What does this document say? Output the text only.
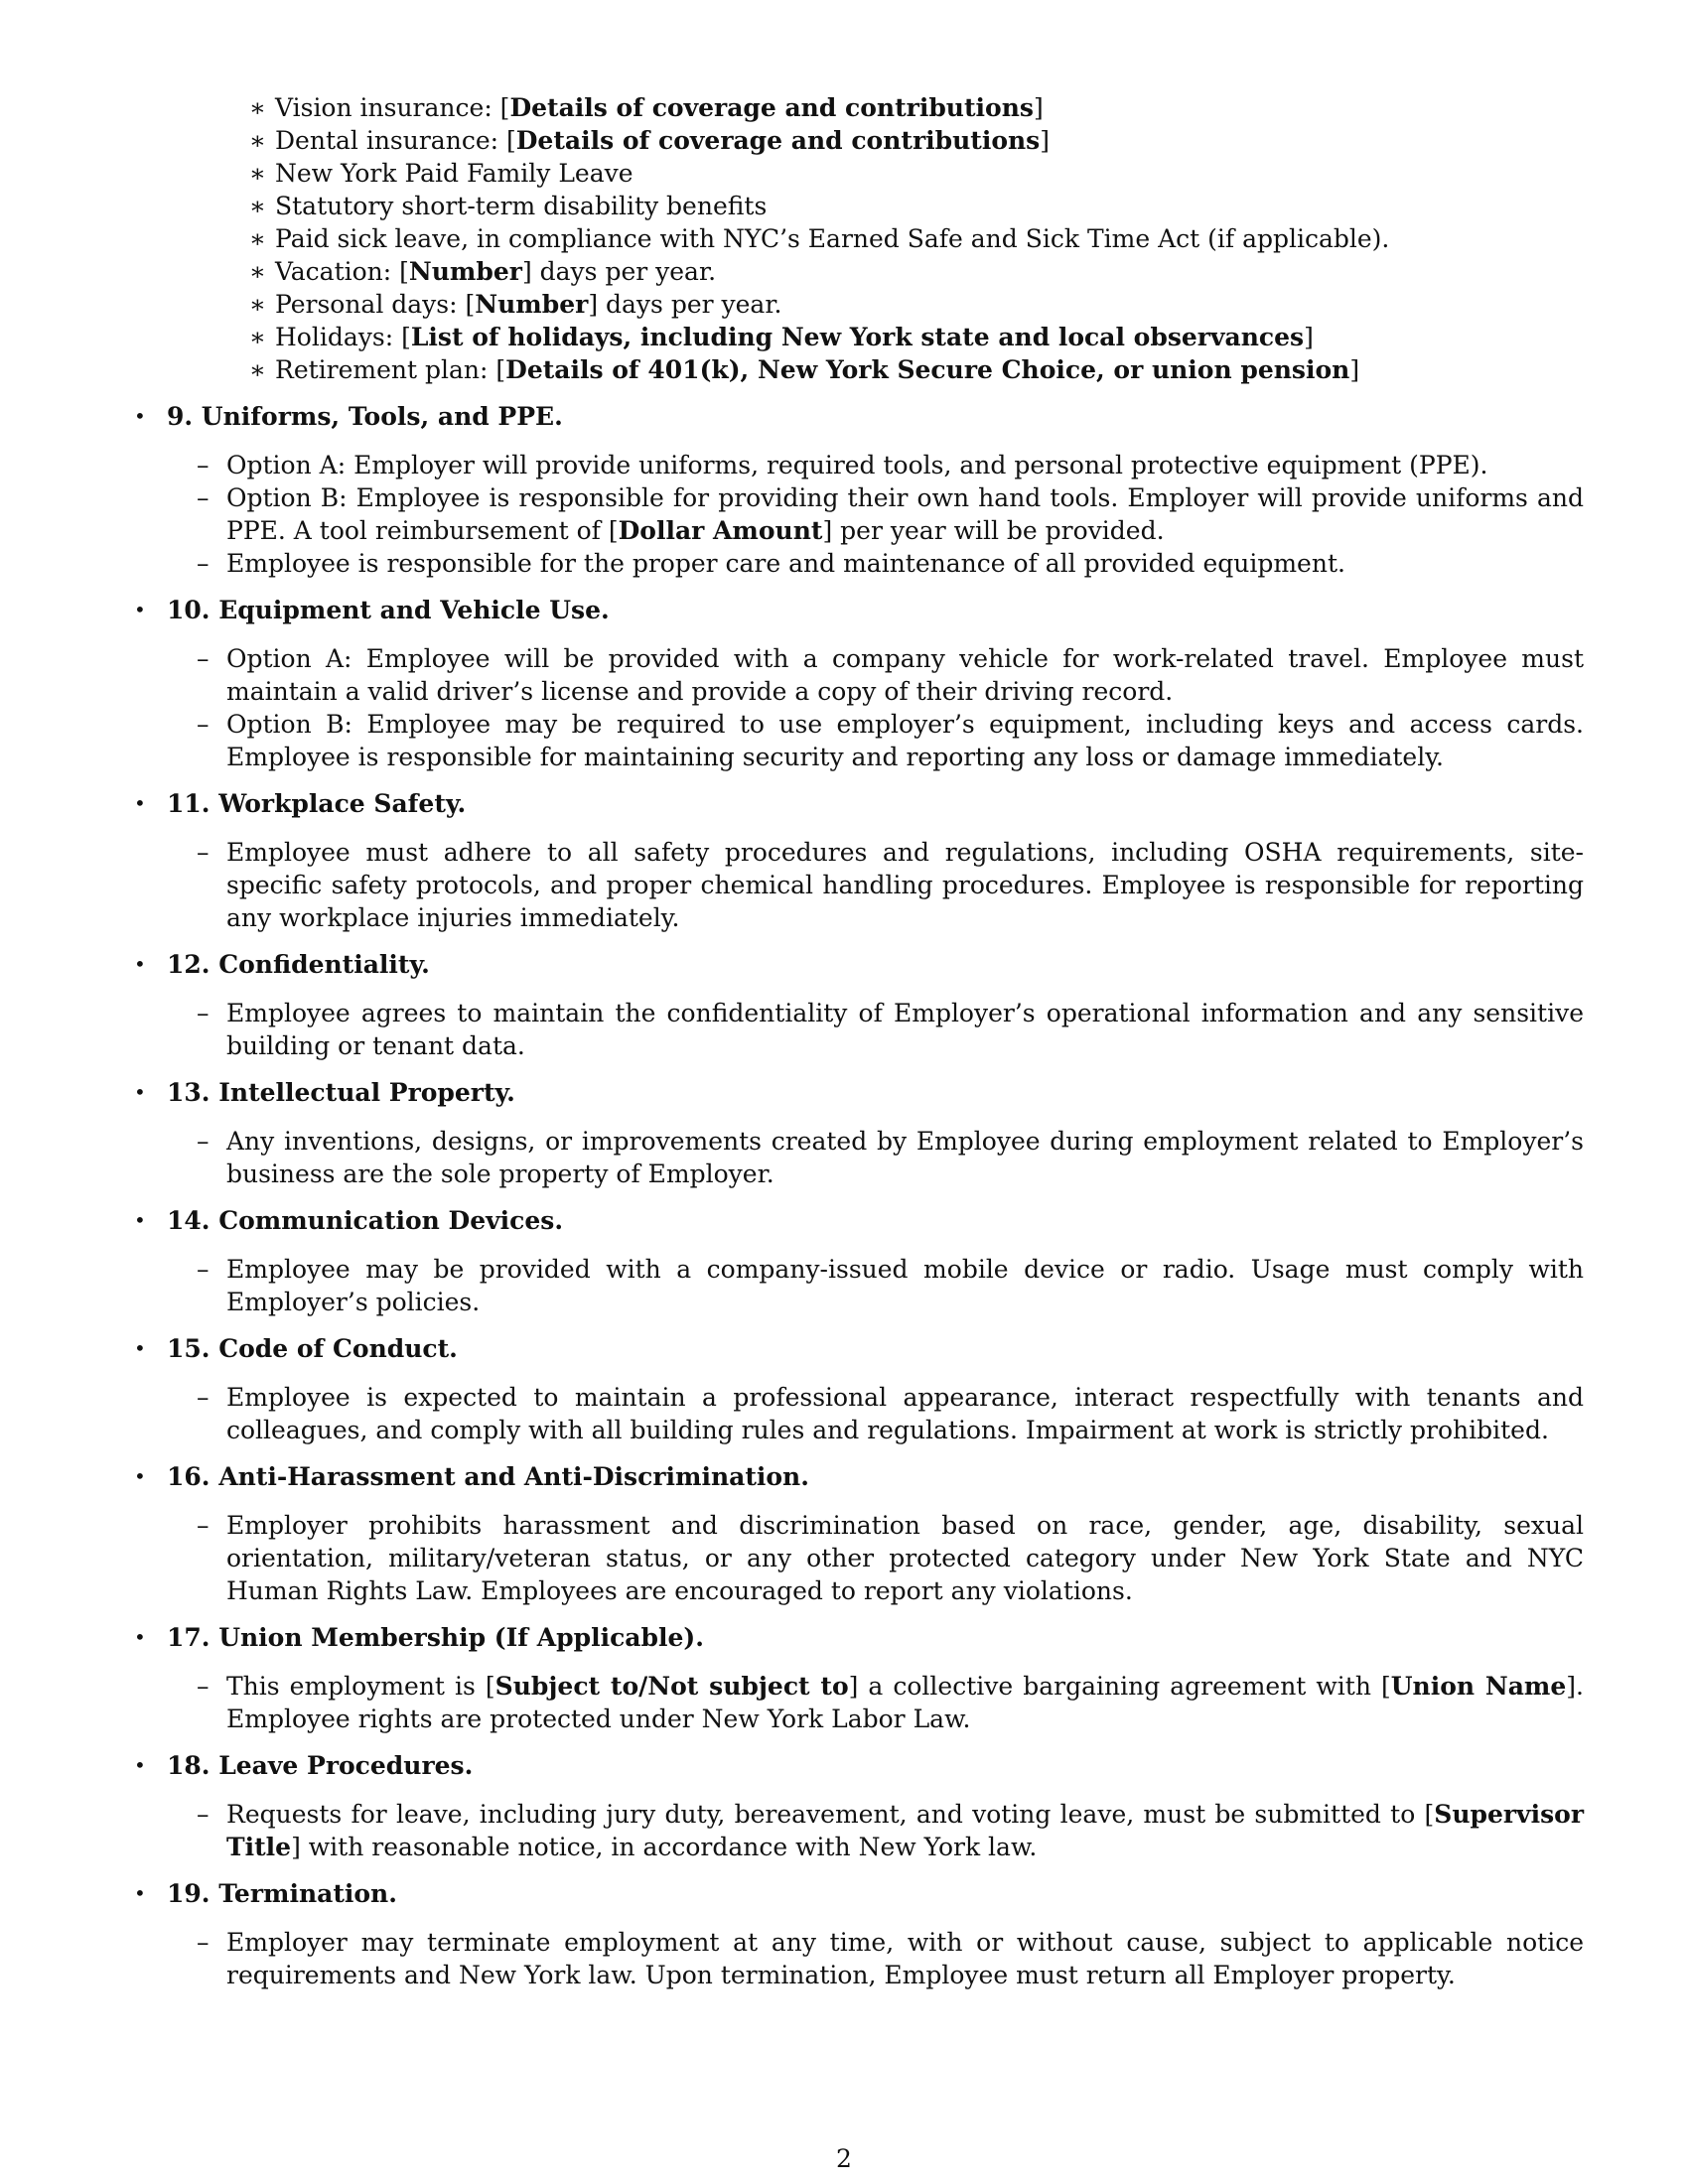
∗ Vision insurance: [Details of coverage and contributions]
∗ Dental insurance: [Details of coverage and contributions]
∗ New York Paid Family Leave
∗ Statutory short-term disability benefits
∗ Paid sick leave, in compliance with NYC’s Earned Safe and Sick Time Act (if applicable).
∗ Vacation: [Number] days per year.
∗ Personal days: [Number] days per year.
∗ Holidays: [List of holidays, including New York state and local observances]
∗ Retirement plan: [Details of 401(k), New York Secure Choice, or union pension]
• 9. Uniforms, Tools, and PPE.
– Option A: Employer will provide uniforms, required tools, and personal protective equipment (PPE).
– Option B: Employee is responsible for providing their own hand tools. Employer will provide uniforms and PPE. A tool reimbursement of [Dollar Amount] per year will be provided.
– Employee is responsible for the proper care and maintenance of all provided equipment.
• 10. Equipment and Vehicle Use.
– Option A: Employee will be provided with a company vehicle for work-related travel. Employee must maintain a valid driver’s license and provide a copy of their driving record.
– Option B: Employee may be required to use employer’s equipment, including keys and access cards. Employee is responsible for maintaining security and reporting any loss or damage immediately.
• 11. Workplace Safety.
– Employee must adhere to all safety procedures and regulations, including OSHA requirements, site-specific safety protocols, and proper chemical handling procedures. Employee is responsible for reporting any workplace injuries immediately.
• 12. Confidentiality.
– Employee agrees to maintain the confidentiality of Employer’s operational information and any sensitive building or tenant data.
• 13. Intellectual Property.
– Any inventions, designs, or improvements created by Employee during employment related to Employer’s business are the sole property of Employer.
• 14. Communication Devices.
– Employee may be provided with a company-issued mobile device or radio. Usage must comply with Employer’s policies.
• 15. Code of Conduct.
– Employee is expected to maintain a professional appearance, interact respectfully with tenants and colleagues, and comply with all building rules and regulations. Impairment at work is strictly prohibited.
• 16. Anti-Harassment and Anti-Discrimination.
– Employer prohibits harassment and discrimination based on race, gender, age, disability, sexual orientation, military/veteran status, or any other protected category under New York State and NYC Human Rights Law. Employees are encouraged to report any violations.
• 17. Union Membership (If Applicable).
– This employment is [Subject to/Not subject to] a collective bargaining agreement with [Union Name]. Employee rights are protected under New York Labor Law.
• 18. Leave Procedures.
– Requests for leave, including jury duty, bereavement, and voting leave, must be submitted to [Supervisor Title] with reasonable notice, in accordance with New York law.
• 19. Termination.
– Employer may terminate employment at any time, with or without cause, subject to applicable notice requirements and New York law. Upon termination, Employee must return all Employer property.
2
